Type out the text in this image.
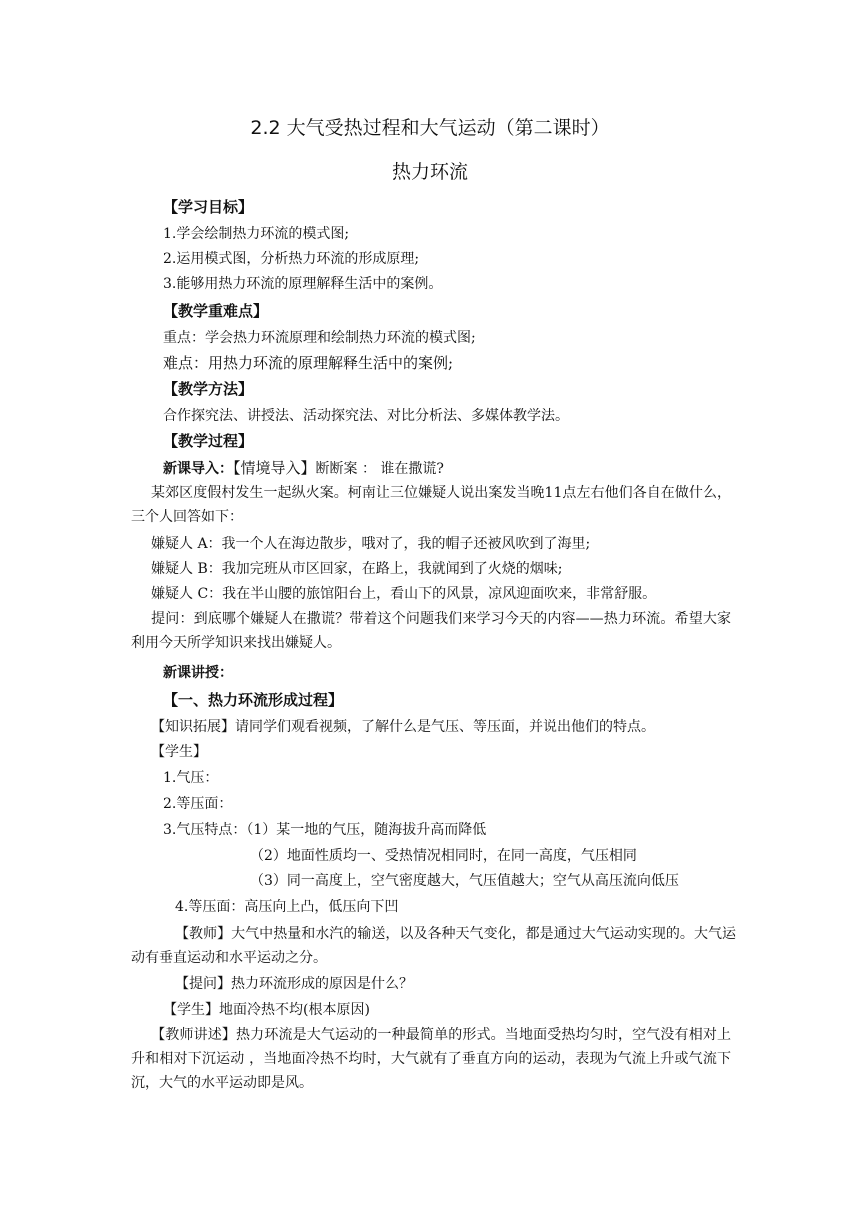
2.2 大气受热过程和大气运动（第二课时）
热力环流
【学习目标】
1.学会绘制热力环流的模式图;
2.运用模式图，分析热力环流的形成原理;
3.能够用热力环流的原理解释生活中的案例。
【教学重难点】
重点：学会热力环流原理和绘制热力环流的模式图;
难点：用热力环流的原理解释生活中的案例;
【教学方法】
合作探究法、讲授法、活动探究法、对比分析法、多媒体教学法。
【教学过程】
新课导入：【情境导入】断断案 ： 谁在撒谎?
某郊区度假村发生一起纵火案。柯南让三位嫌疑人说出案发当晚11点左右他们各自在做什么，三个人回答如下：
嫌疑人 A：我一个人在海边散步，哦对了，我的帽子还被风吹到了海里;
嫌疑人 B：我加完班从市区回家，在路上，我就闻到了火烧的烟味;
嫌疑人 C：我在半山腰的旅馆阳台上，看山下的风景，凉风迎面吹来，非常舒服。
提问：到底哪个嫌疑人在撒谎？带着这个问题我们来学习今天的内容——热力环流。希望大家利用今天所学知识来找出嫌疑人。
新课讲授：
【一、热力环流形成过程】
【知识拓展】请同学们观看视频，了解什么是气压、等压面，并说出他们的特点。
【学生】
1.气压：
2.等压面：
3.气压特点：（1）某一地的气压，随海拔升高而降低
（2）地面性质均一、受热情况相同时，在同一高度，气压相同
（3）同一高度上，空气密度越大，气压值越大；空气从高压流向低压
4.等压面：高压向上凸，低压向下凹
【教师】大气中热量和水汽的输送，以及各种天气变化，都是通过大气运动实现的。大气运动有垂直运动和水平运动之分。
【提问】热力环流形成的原因是什么？
【学生】地面冷热不均(根本原因)
【教师讲述】热力环流是大气运动的一种最简单的形式。当地面受热均匀时，空气没有相对上升和相对下沉运动 ，当地面冷热不均时，大气就有了垂直方向的运动，表现为气流上升或气流下沉，大气的水平运动即是风。
